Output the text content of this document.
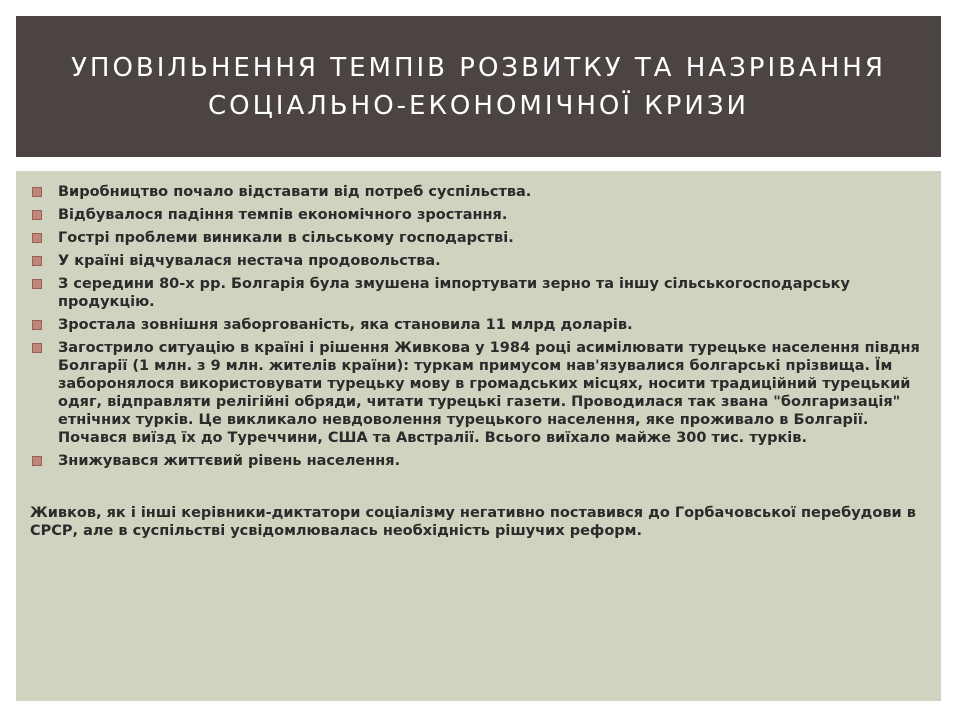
УПОВІЛЬНЕННЯ ТЕМПІВ РОЗВИТКУ ТА НАЗРІВАННЯ СОЦІАЛЬНО-ЕКОНОМІЧНОЇ КРИЗИ
Виробництво почало відставати від потреб суспільства.
Відбувалося падіння темпів економічного зростання.
Гострі проблеми виникали в сільському господарстві.
У країні відчувалася нестача продовольства.
З середини 80-х рр. Болгарія була змушена імпортувати зерно та іншу сільськогосподарську продукцію.
Зростала зовнішня заборгованість, яка становила 11 млрд доларів.
Загострило ситуацію в країні і рішення Живкова у 1984 році асимілювати турецьке населення півдня Болгарії (1 млн. з 9 млн. жителів країни): туркам примусом нав'язувалися болгарські прізвища. Їм заборонялося використовувати турецьку мову в громадських місцях, носити традиційний турецький одяг, відправляти релігійні обряди, читати турецькі газети. Проводилася так звана "болгаризація" етнічних турків. Це викликало невдоволення турецького населення, яке проживало в Болгарії. Почався виїзд їх до Туреччини, США та Австралії. Всього виїхало майже 300 тис. турків.
Знижувався життєвий рівень населення.

Живков, як і інші керівники-диктатори соціалізму негативно поставився до Горбачовської перебудови в СРСР, але в суспільстві усвідомлювалась необхідність рішучих реформ.
